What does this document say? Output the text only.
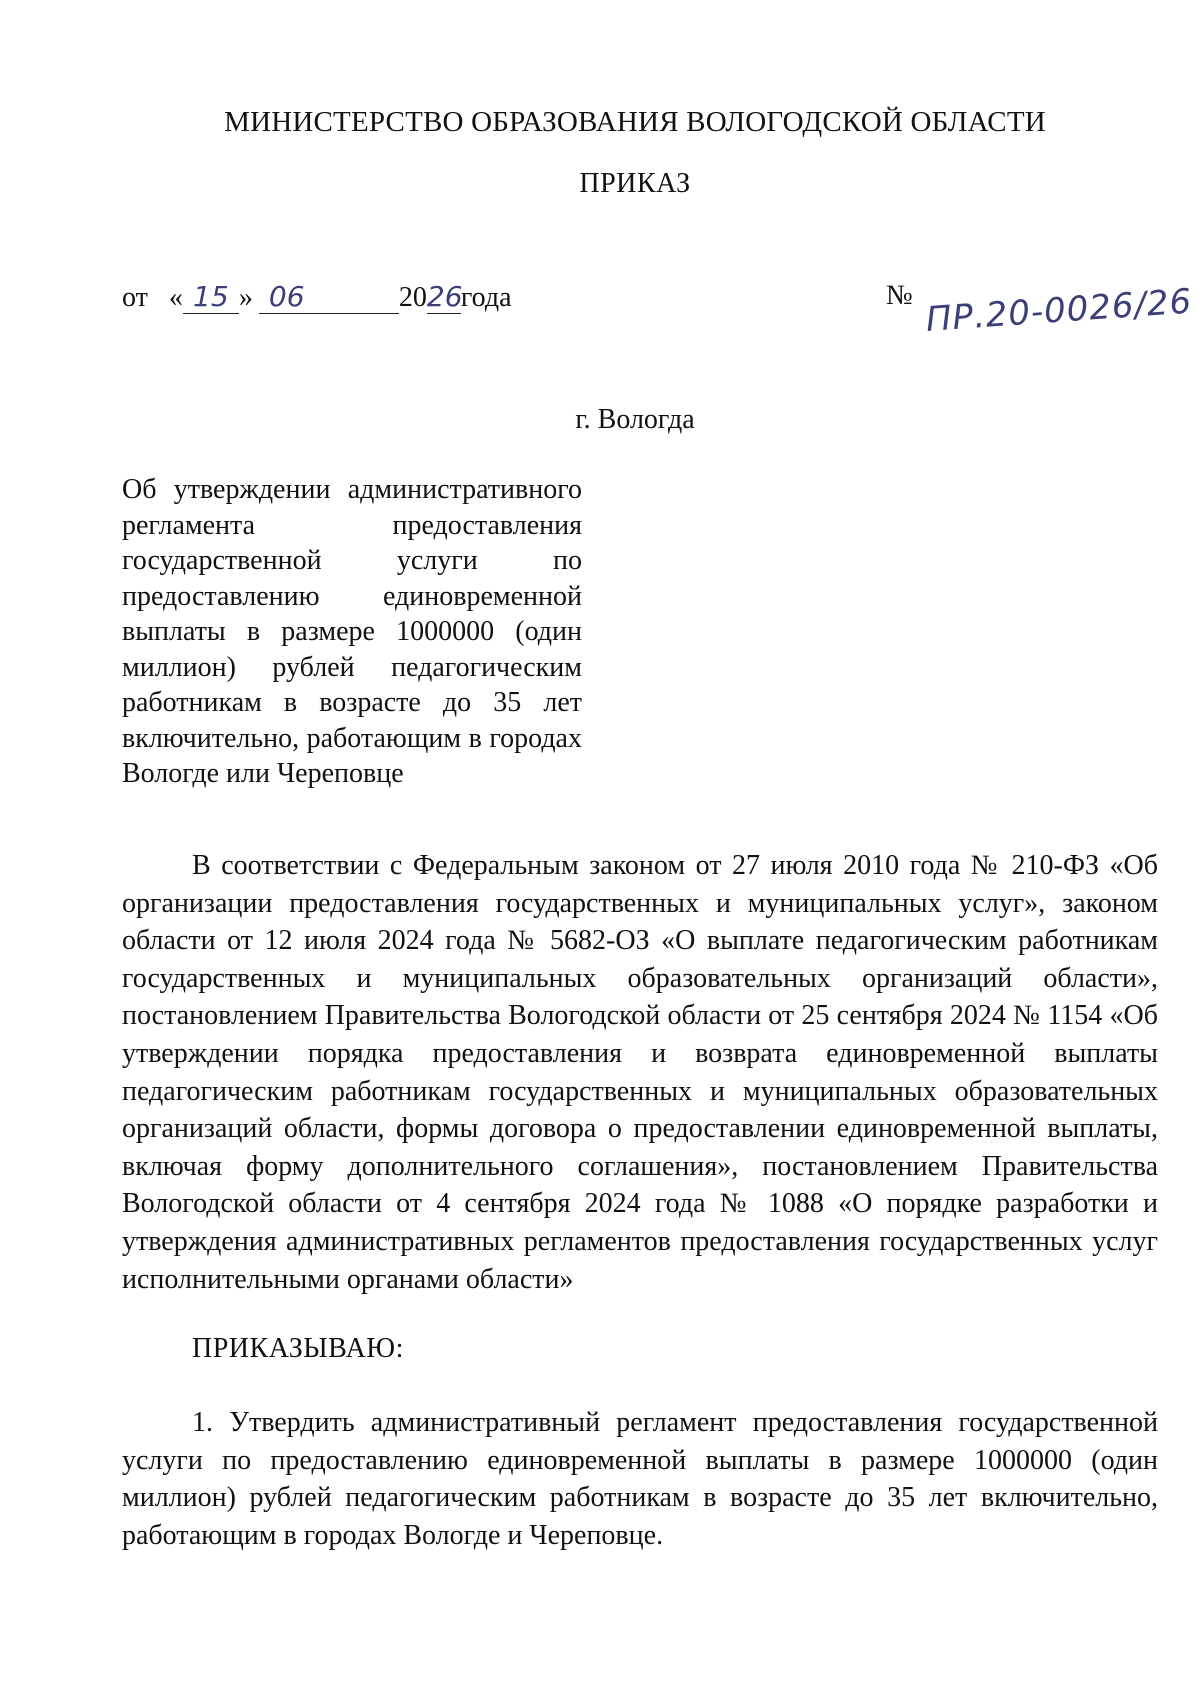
МИНИСТЕРСТВО ОБРАЗОВАНИЯ ВОЛОГОДСКОЙ ОБЛАСТИ
ПРИКАЗ
от « 15 » 06	2026года	№ ПР.20-0026/26
г. Вологда
Об утверждении административного регламента предоставления государственной услуги по предоставлению единовременной выплаты в размере 1000000 (один миллион) рублей педагогическим работникам в возрасте до 35 лет включительно, работающим в городах Вологде или Череповце
В соответствии с Федеральным законом от 27 июля 2010 года № 210-ФЗ «Об организации предоставления государственных и муниципальных услуг», законом области от 12 июля 2024 года № 5682-ОЗ «О выплате педагогическим работникам государственных и муниципальных образовательных организаций области», постановлением Правительства Вологодской области от 25 сентября 2024 № 1154 «Об утверждении порядка предоставления и возврата единовременной выплаты педагогическим работникам государственных и муниципальных образовательных организаций области, формы договора о предоставлении единовременной выплаты, включая форму дополнительного соглашения», постановлением Правительства Вологодской области от 4 сентября 2024 года № 1088 «О порядке разработки и утверждения административных регламентов предоставления государственных услуг исполнительными органами области»
ПРИКАЗЫВАЮ:
1. Утвердить административный регламент предоставления государственной услуги по предоставлению единовременной выплаты в размере 1000000 (один миллион) рублей педагогическим работникам в возрасте до 35 лет включительно, работающим в городах Вологде и Череповце.
